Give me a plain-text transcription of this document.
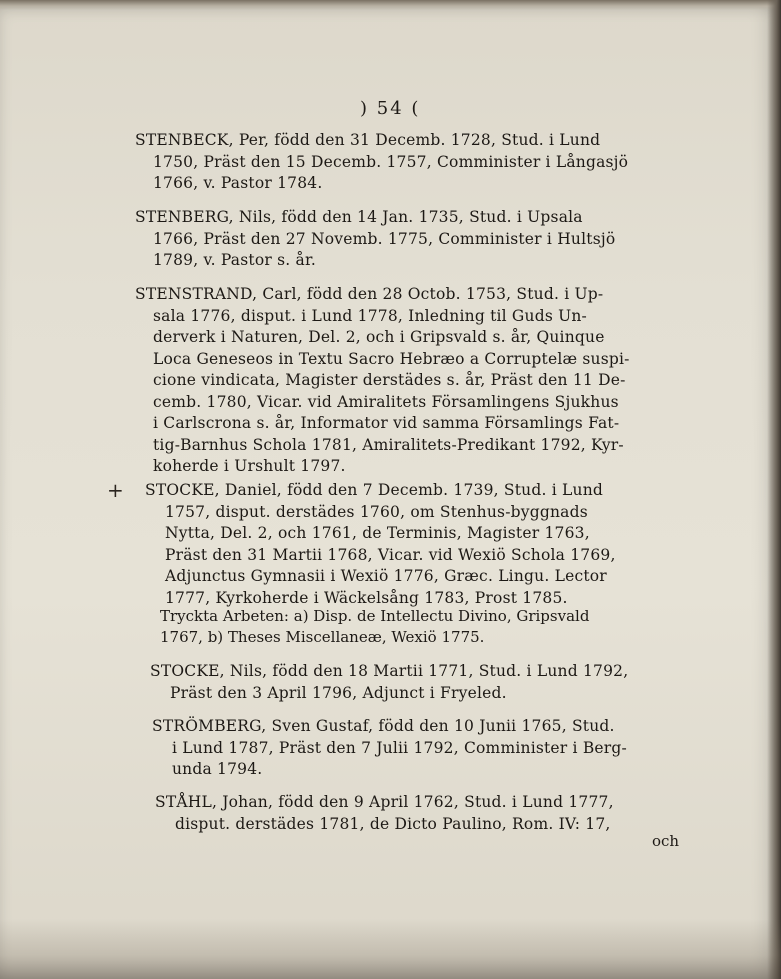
) 54 (
STENBECK, Per, född den 31 Decemb. 1728, Stud. i Lund
1750, Präst den 15 Decemb. 1757, Comminister i Långasjö
1766, v. Pastor 1784.
STENBERG, Nils, född den 14 Jan. 1735, Stud. i Upsala
1766, Präst den 27 Novemb. 1775, Comminister i Hultsjö
1789, v. Pastor s. år.
STENSTRAND, Carl, född den 28 Octob. 1753, Stud. i Up-
sala 1776, disput. i Lund 1778, Inledning til Guds Un-
derverk i Naturen, Del. 2, och i Gripsvald s. år, Quinque
Loca Geneseos in Textu Sacro Hebræo a Corruptelæ suspi-
cione vindicata, Magister derstädes s. år, Präst den 11 De-
cemb. 1780, Vicar. vid Amiralitets Församlingens Sjukhus
i Carlscrona s. år, Informator vid samma Församlings Fat-
tig-Barnhus Schola 1781, Amiralitets-Predikant 1792, Kyr-
koherde i Urshult 1797.
+ STOCKE, Daniel, född den 7 Decemb. 1739, Stud. i Lund
1757, disput. derstädes 1760, om Stenhus-byggnads
Nytta, Del. 2, och 1761, de Terminis, Magister 1763,
Präst den 31 Martii 1768, Vicar. vid Wexiö Schola 1769,
Adjunctus Gymnasii i Wexiö 1776, Græc. Lingu. Lector
1777, Kyrkoherde i Wäckelsång 1783, Prost 1785.
Tryckta Arbeten: a) Disp. de Intellectu Divino, Gripsvald
1767, b) Theses Miscellaneæ, Wexiö 1775.
STOCKE, Nils, född den 18 Martii 1771, Stud. i Lund 1792,
Präst den 3 April 1796, Adjunct i Fryeled.
STRÖMBERG, Sven Gustaf, född den 10 Junii 1765, Stud.
i Lund 1787, Präst den 7 Julii 1792, Comminister i Berg-
unda 1794.
STÅHL, Johan, född den 9 April 1762, Stud. i Lund 1777,
disput. derstädes 1781, de Dicto Paulino, Rom. IV: 17,
och
